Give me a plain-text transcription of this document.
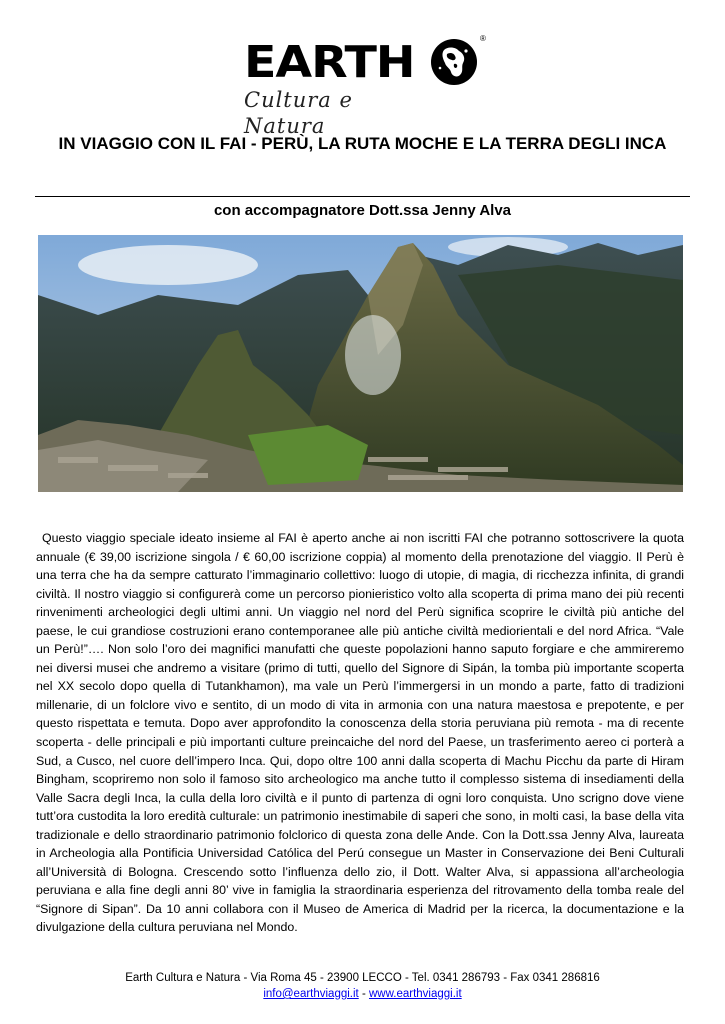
EARTH	®
Cultura e Natura
IN VIAGGIO CON IL FAI - PERÙ, LA RUTA MOCHE E LA TERRA DEGLI INCA
con accompagnatore Dott.ssa Jenny Alva

Questo viaggio speciale ideato insieme al FAI è aperto anche ai non iscritti FAI che potranno sottoscrivere la quota annuale (€ 39,00 iscrizione singola / € 60,00 iscrizione coppia) al momento della prenotazione del viaggio. Il Perù è una terra che ha da sempre catturato l’immaginario collettivo: luogo di utopie, di magia, di ricchezza infinita, di grandi civiltà. Il nostro viaggio si configurerà come un percorso pionieristico volto alla scoperta di prima mano dei più recenti rinvenimenti archeologici degli ultimi anni. Un viaggio nel nord del Perù significa scoprire le civiltà più antiche del paese, le cui grandiose costruzioni erano contemporanee alle più antiche civiltà mediorientali e del nord Africa. “Vale un Perù!”…. Non solo l’oro dei magnifici manufatti che queste popolazioni hanno saputo forgiare e che ammireremo nei diversi musei che andremo a visitare (primo di tutti, quello del Signore di Sipán, la tomba più importante scoperta nel XX secolo dopo quella di Tutankhamon), ma vale un Perù l’immergersi in un mondo a parte, fatto di tradizioni millenarie, di un folclore vivo e sentito, di un modo di vita in armonia con una natura maestosa e prepotente, e per questo rispettata e temuta. Dopo aver approfondito la conoscenza della storia peruviana più remota - ma di recente scoperta - delle principali e più importanti culture preincaiche del nord del Paese, un trasferimento aereo ci porterà a Sud, a Cusco, nel cuore dell’impero Inca. Qui, dopo oltre 100 anni dalla scoperta di Machu Picchu da parte di Hiram Bingham, scopriremo non solo il famoso sito archeologico ma anche tutto il complesso sistema di insediamenti della Valle Sacra degli Inca, la culla della loro civiltà e il punto di partenza di ogni loro conquista. Uno scrigno dove viene tutt’ora custodita la loro eredità culturale: un patrimonio inestimabile di saperi che sono, in molti casi, la base della vita tradizionale e dello straordinario patrimonio folclorico di questa zona delle Ande. Con la Dott.ssa Jenny Alva, laureata in Archeologia alla Pontificia Universidad Católica del Perú consegue un Master in Conservazione dei Beni Culturali all’Università di Bologna. Crescendo sotto l’influenza dello zio, il Dott. Walter Alva, si appassiona all’archeologia peruviana e alla fine degli anni 80’ vive in famiglia la straordinaria esperienza del ritrovamento della tomba reale del “Signore di Sipan”. Da 10 anni collabora con il Museo de America di Madrid per la ricerca, la documentazione e la divulgazione della cultura peruviana nel Mondo.

Earth Cultura e Natura - Via Roma 45 - 23900 LECCO - Tel. 0341 286793 - Fax 0341 286816
info@earthviaggi.it - www.earthviaggi.it
